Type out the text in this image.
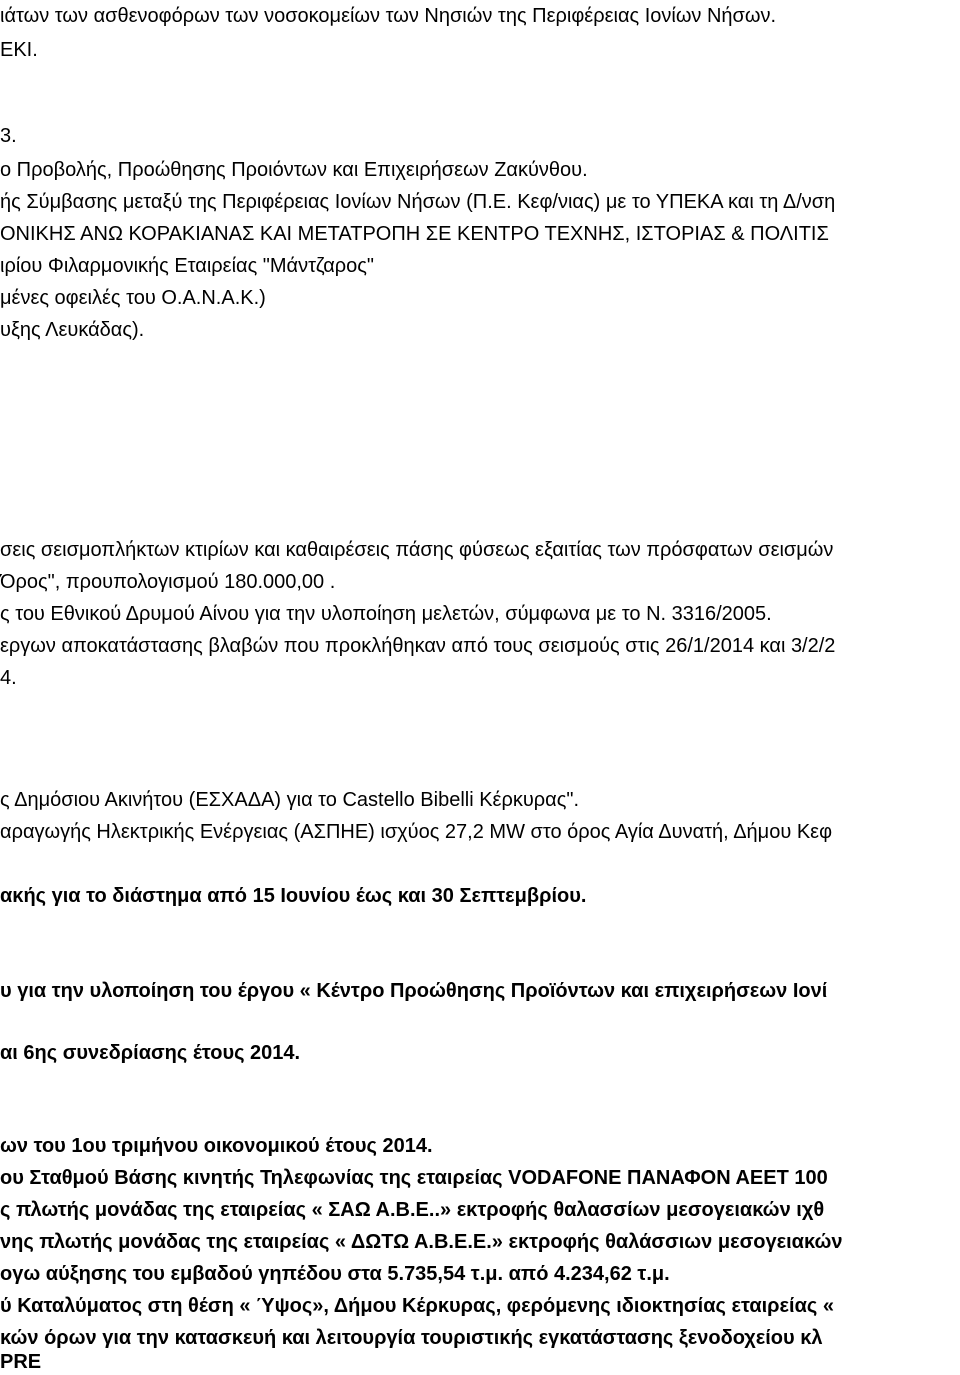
ιάτων των ασθενοφόρων των νοσοκομείων των Νησιών της Περιφέρειας Ιονίων Νήσων.
ΕΚΙ.
3.
ο Προβολής, Προώθησης Προιόντων και Επιχειρήσεων Ζακύνθου.
ής Σύμβασης μεταξύ της Περιφέρειας Ιονίων Νήσων (Π.Ε. Κεφ/νιας) με το ΥΠΕΚΑ και τη Δ/νση
ΟΝΙΚΗΣ ΑΝΩ ΚΟΡΑΚΙΑΝΑΣ ΚΑΙ ΜΕΤΑΤΡΟΠΗ ΣΕ ΚΕΝΤΡΟ ΤΕΧΝΗΣ, ΙΣΤΟΡΙΑΣ & ΠΟΛΙΤΙΣ
ιρίου Φιλαρμονικής Εταιρείας "Μάντζαρος"
μένες οφειλές του Ο.Α.Ν.Α.Κ.)
υξης Λευκάδας).
σεις σεισμοπλήκτων κτιρίων και καθαιρέσεις πάσης φύσεως εξαιτίας των πρόσφατων σεισμών
Όρος", προυπολογισμού 180.000,00 .
ς του Εθνικού Δρυμού Αίνου για την υλοποίηση μελετών, σύμφωνα με το Ν. 3316/2005.
εργων αποκατάστασης βλαβών που προκλήθηκαν από τους σεισμούς στις 26/1/2014 και 3/2/2
4.
ς Δημόσιου Ακινήτου (ΕΣΧΑΔΑ) για το Castello Bibelli Κέρκυρας".
αραγωγής Ηλεκτρικής Ενέργειας (ΑΣΠΗΕ) ισχύος 27,2 MW στο όρος Αγία Δυνατή, Δήμου Κεφ
ακής για το διάστημα από 15 Ιουνίου έως και 30 Σεπτεμβρίου.
υ για την υλοποίηση του έργου « Κέντρο Προώθησης Προϊόντων και επιχειρήσεων Ιονί
αι 6ης συνεδρίασης έτους 2014.
ων του 1ου τριμήνου οικονομικού έτους 2014.
ου Σταθμού Βάσης κινητής Τηλεφωνίας της εταιρείας VODAFONE ΠΑΝΑΦΟΝ ΑΕΕΤ 100
ς πλωτής μονάδας της εταιρείας « ΣΑΩ Α.Β.Ε..» εκτροφής θαλασσίων μεσογειακών ιχθ
νης πλωτής μονάδας της εταιρείας « ΔΩΤΩ Α.Β.Ε.Ε.» εκτροφής θαλάσσιων μεσογειακών
ογω αύξησης του εμβαδού γηπέδου στα 5.735,54 τ.μ. από 4.234,62 τ.μ.
ύ Καταλύματος στη θέση « Ύψος», Δήμου Κέρκυρας, φερόμενης ιδιοκτησίας εταιρείας «
κών όρων για την κατασκευή και λειτουργία τουριστικής εγκατάστασης ξενοδοχείου κλ
PRE
